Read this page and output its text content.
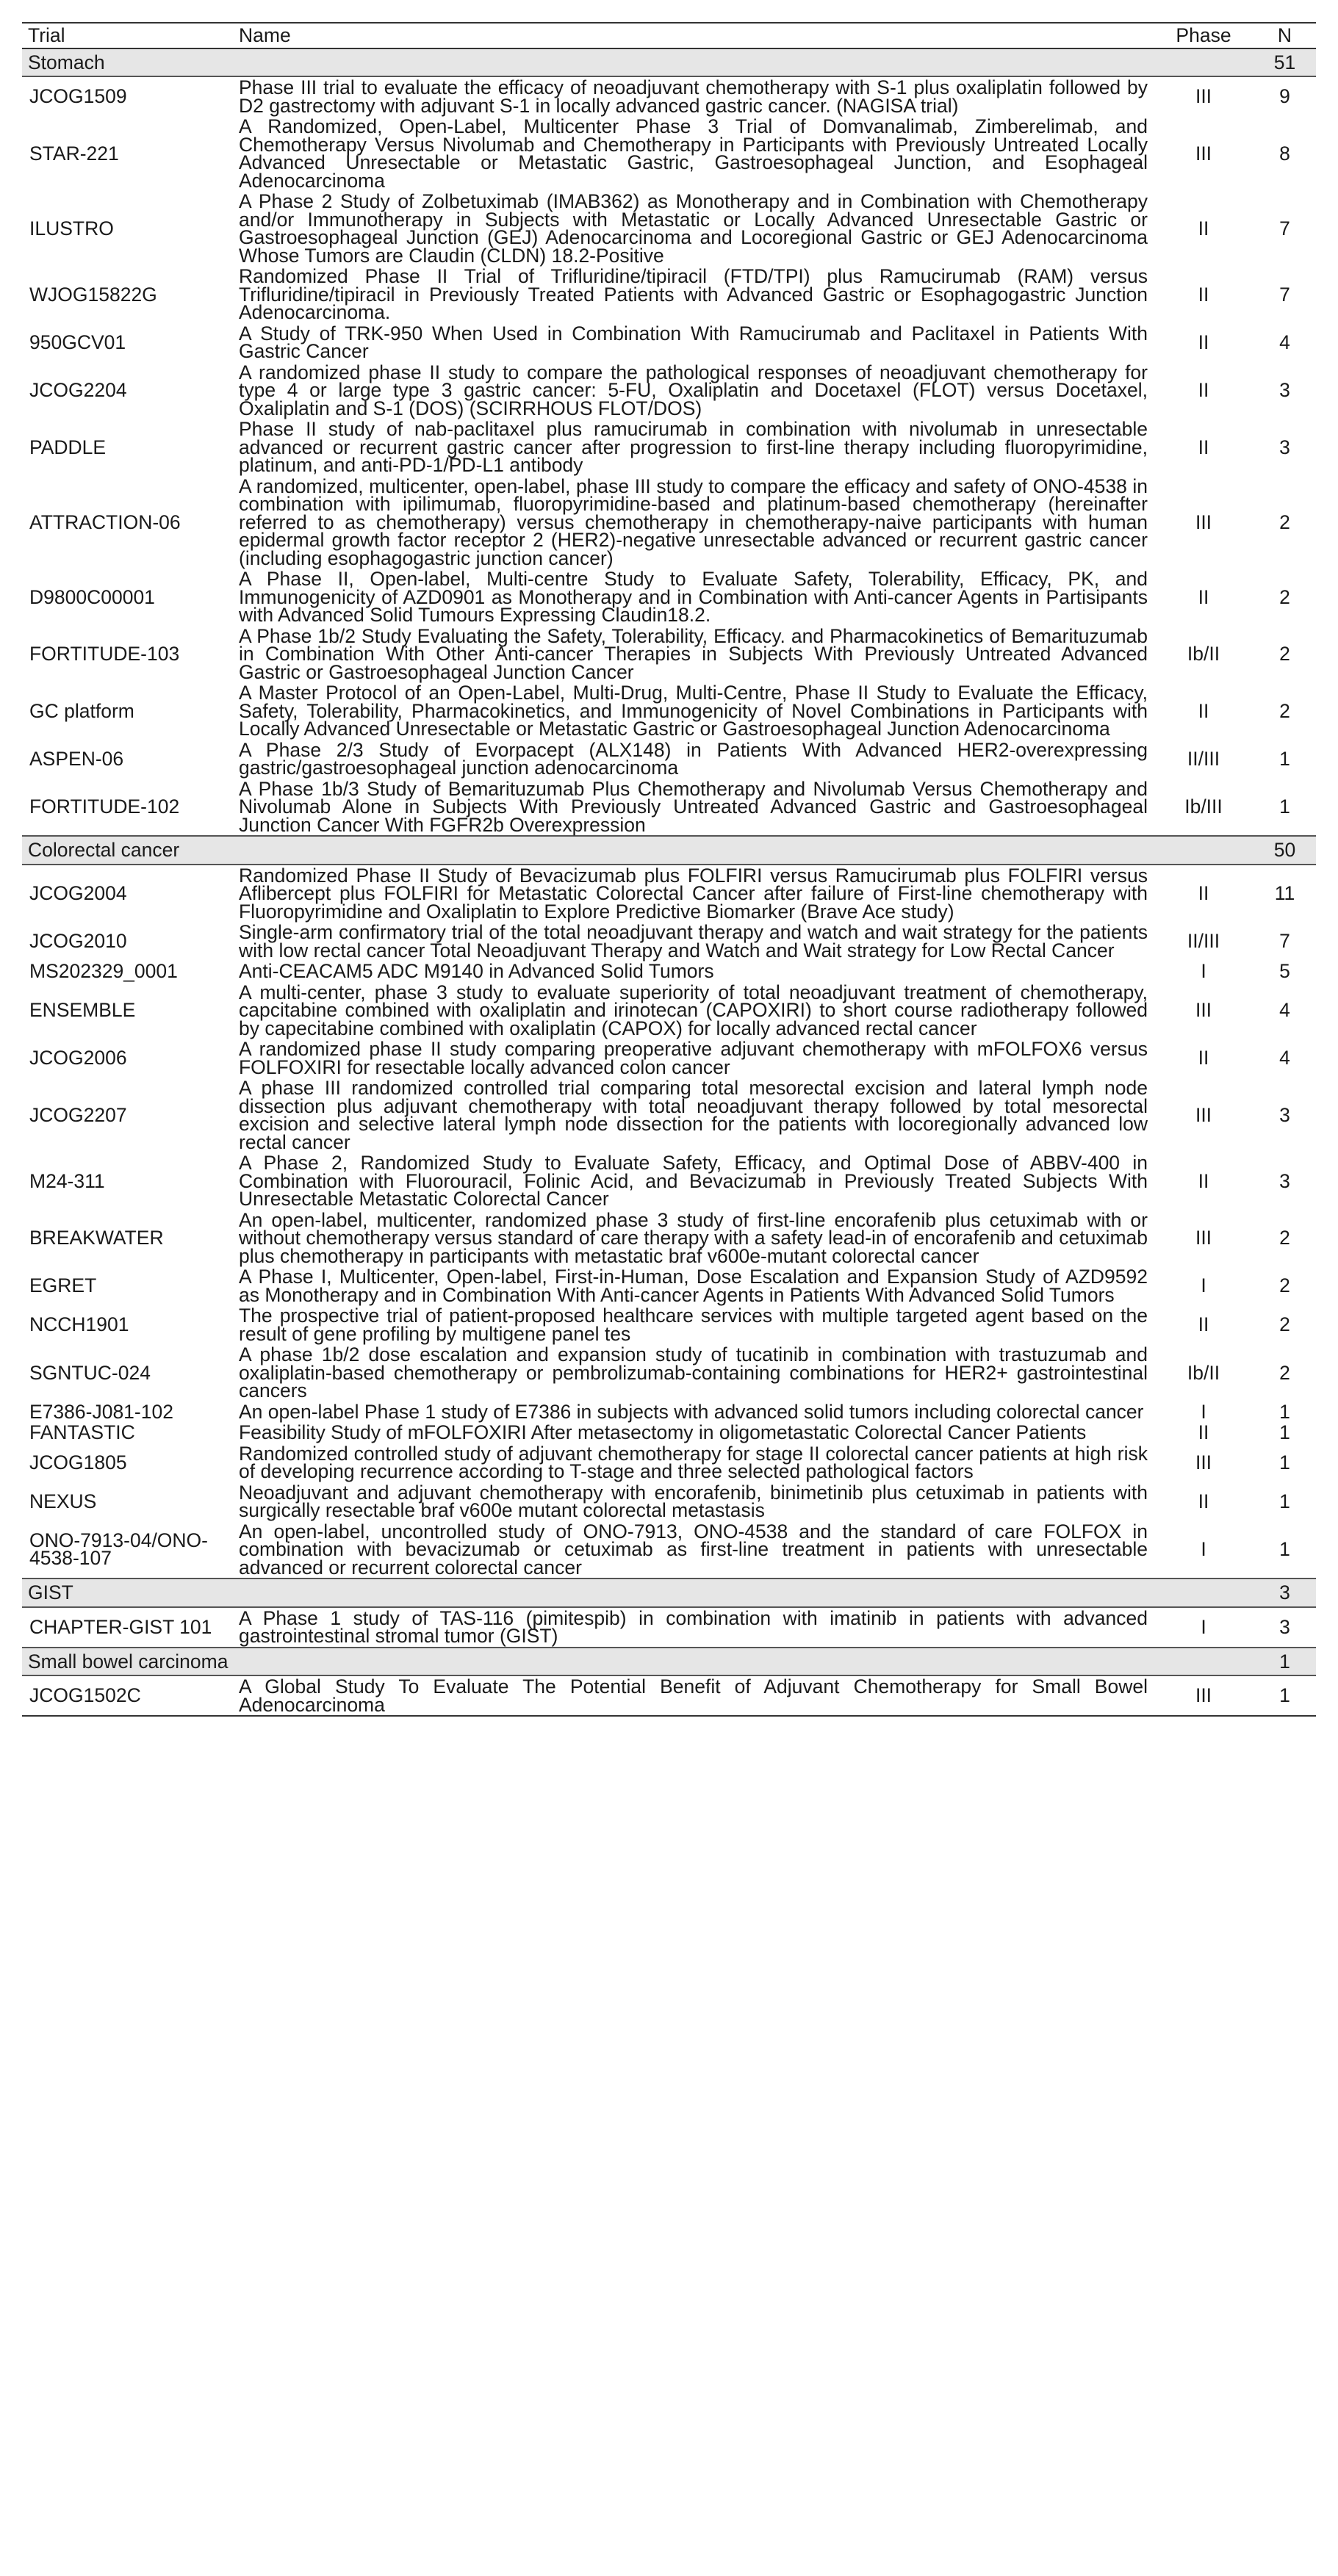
Trial	Name	Phase	N
Stomach			51
JCOG1509	Phase III trial to evaluate the efficacy of neoadjuvant chemotherapy with S-1 plus oxaliplatin followed by D2 gastrectomy with adjuvant S-1 in locally advanced gastric cancer. (NAGISA trial)	III	9
STAR-221	A Randomized, Open-Label, Multicenter Phase 3 Trial of Domvanalimab, Zimberelimab, and Chemotherapy Versus Nivolumab and Chemotherapy in Participants with Previously Untreated Locally Advanced Unresectable or Metastatic Gastric, Gastroesophageal Junction, and Esophageal Adenocarcinoma	III	8
ILUSTRO	A Phase 2 Study of Zolbetuximab (IMAB362) as Monotherapy and in Combination with Chemotherapy and/or Immunotherapy in Subjects with Metastatic or Locally Advanced Unresectable Gastric or Gastroesophageal Junction (GEJ) Adenocarcinoma and Locoregional Gastric or GEJ Adenocarcinoma Whose Tumors are Claudin (CLDN) 18.2-Positive	II	7
WJOG15822G	Randomized Phase II Trial of Trifluridine/tipiracil (FTD/TPI) plus Ramucirumab (RAM) versus Trifluridine/tipiracil in Previously Treated Patients with Advanced Gastric or Esophagogastric Junction Adenocarcinoma.	II	7
950GCV01	A Study of TRK-950 When Used in Combination With Ramucirumab and Paclitaxel in Patients With Gastric Cancer	II	4
JCOG2204	A randomized phase II study to compare the pathological responses of neoadjuvant chemotherapy for type 4 or large type 3 gastric cancer: 5-FU, Oxaliplatin and Docetaxel (FLOT) versus Docetaxel, Oxaliplatin and S-1 (DOS) (SCIRRHOUS FLOT/DOS)	II	3
PADDLE	Phase II study of nab-paclitaxel plus ramucirumab in combination with nivolumab in unresectable advanced or recurrent gastric cancer after progression to first-line therapy including fluoropyrimidine, platinum, and anti-PD-1/PD-L1 antibody	II	3
ATTRACTION-06	A randomized, multicenter, open-label, phase III study to compare the efficacy and safety of ONO-4538 in combination with ipilimumab, fluoropyrimidine-based and platinum-based chemotherapy (hereinafter referred to as chemotherapy) versus chemotherapy in chemotherapy-naive participants with human epidermal growth factor receptor 2 (HER2)-negative unresectable advanced or recurrent gastric cancer (including esophagogastric junction cancer)	III	2
D9800C00001	A Phase II, Open-label, Multi-centre Study to Evaluate Safety, Tolerability, Efficacy, PK, and Immunogenicity of AZD0901 as Monotherapy and in Combination with Anti-cancer Agents in Partisipants with Advanced Solid Tumours Expressing Claudin18.2.	II	2
FORTITUDE-103	A Phase 1b/2 Study Evaluating the Safety, Tolerability, Efficacy. and Pharmacokinetics of Bemarituzumab in Combination With Other Anti-cancer Therapies in Subjects With Previously Untreated Advanced Gastric or Gastroesophageal Junction Cancer	Ib/II	2
GC platform	A Master Protocol of an Open-Label, Multi-Drug, Multi-Centre, Phase II Study to Evaluate the Efficacy, Safety, Tolerability, Pharmacokinetics, and Immunogenicity of Novel Combinations in Participants with Locally Advanced Unresectable or Metastatic Gastric or Gastroesophageal Junction Adenocarcinoma	II	2
ASPEN-06	A Phase 2/3 Study of Evorpacept (ALX148) in Patients With Advanced HER2-overexpressing gastric/gastroesophageal junction adenocarcinoma	II/III	1
FORTITUDE-102	A Phase 1b/3 Study of Bemarituzumab Plus Chemotherapy and Nivolumab Versus Chemotherapy and Nivolumab Alone in Subjects With Previously Untreated Advanced Gastric and Gastroesophageal Junction Cancer With FGFR2b Overexpression	Ib/III	1
Colorectal cancer			50
JCOG2004	Randomized Phase II Study of Bevacizumab plus FOLFIRI versus Ramucirumab plus FOLFIRI versus Aflibercept plus FOLFIRI for Metastatic Colorectal Cancer after failure of First-line chemotherapy with Fluoropyrimidine and Oxaliplatin to Explore Predictive Biomarker (Brave Ace study)	II	11
JCOG2010	Single-arm confirmatory trial of the total neoadjuvant therapy and watch and wait strategy for the patients with low rectal cancer Total Neoadjuvant Therapy and Watch and Wait strategy for Low Rectal Cancer	II/III	7
MS202329_0001	Anti-CEACAM5 ADC M9140 in Advanced Solid Tumors	I	5
ENSEMBLE	A multi-center, phase 3 study to evaluate superiority of total neoadjuvant treatment of chemotherapy, capcitabine combined with oxaliplatin and irinotecan (CAPOXIRI) to short course radiotherapy followed by capecitabine combined with oxaliplatin (CAPOX) for locally advanced rectal cancer	III	4
JCOG2006	A randomized phase II study comparing preoperative adjuvant chemotherapy with mFOLFOX6 versus FOLFOXIRI for resectable locally advanced colon cancer	II	4
JCOG2207	A phase III randomized controlled trial comparing total mesorectal excision and lateral lymph node dissection plus adjuvant chemotherapy with total neoadjuvant therapy followed by total mesorectal excision and selective lateral lymph node dissection for the patients with locoregionally advanced low rectal cancer	III	3
M24-311	A Phase 2, Randomized Study to Evaluate Safety, Efficacy, and Optimal Dose of ABBV-400 in Combination with Fluorouracil, Folinic Acid, and Bevacizumab in Previously Treated Subjects With Unresectable Metastatic Colorectal Cancer	II	3
BREAKWATER	An open-label, multicenter, randomized phase 3 study of first-line encorafenib plus cetuximab with or without chemotherapy versus standard of care therapy with a safety lead-in of encorafenib and cetuximab plus chemotherapy in participants with metastatic braf v600e-mutant colorectal cancer	III	2
EGRET	A Phase I, Multicenter, Open-label, First-in-Human, Dose Escalation and Expansion Study of AZD9592 as Monotherapy and in Combination With Anti-cancer Agents in Patients With Advanced Solid Tumors	I	2
NCCH1901	The prospective trial of patient-proposed healthcare services with multiple targeted agent based on the result of gene profiling by multigene panel tes	II	2
SGNTUC-024	A phase 1b/2 dose escalation and expansion study of tucatinib in combination with trastuzumab and oxaliplatin-based chemotherapy or pembrolizumab-containing combinations for HER2+ gastrointestinal cancers	Ib/II	2
E7386-J081-102	An open-label Phase 1 study of E7386 in subjects with advanced solid tumors including colorectal cancer	I	1
FANTASTIC	Feasibility Study of mFOLFOXIRI After metasectomy in oligometastatic Colorectal Cancer Patients	II	1
JCOG1805	Randomized controlled study of adjuvant chemotherapy for stage II colorectal cancer patients at high risk of developing recurrence according to T-stage and three selected pathological factors	III	1
NEXUS	Neoadjuvant and adjuvant chemotherapy with encorafenib, binimetinib plus cetuximab in patients with surgically resectable braf v600e mutant colorectal metastasis	II	1
ONO-7913-04/ONO-4538-107	An open-label, uncontrolled study of ONO-7913, ONO-4538 and the standard of care FOLFOX in combination with bevacizumab or cetuximab as first-line treatment in patients with unresectable advanced or recurrent colorectal cancer	I	1
GIST			3
CHAPTER-GIST 101	A Phase 1 study of TAS-116 (pimitespib) in combination with imatinib in patients with advanced gastrointestinal stromal tumor (GIST)	I	3
Small bowel carcinoma			1
JCOG1502C	A Global Study To Evaluate The Potential Benefit of Adjuvant Chemotherapy for Small Bowel Adenocarcinoma	III	1
